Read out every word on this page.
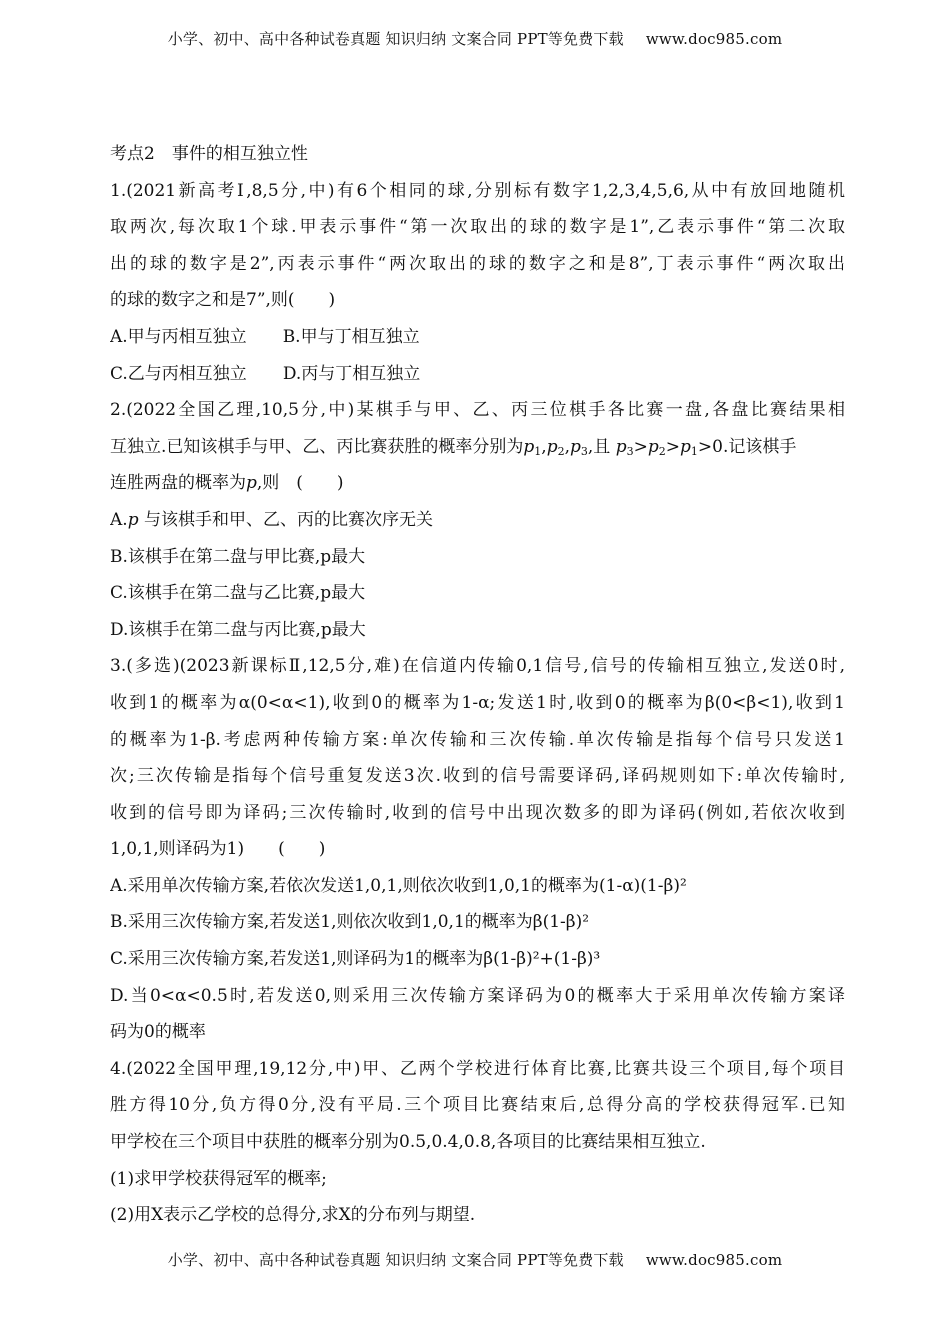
小学、初中、高中各种试卷真题 知识归纳 文案合同 PPT等免费下载 www.doc985.com
考点2　事件的相互独立性
1.(2021新高考Ⅰ,8,5分,中)有6个相同的球,分别标有数字1,2,3,4,5,6,从中有放回地随机
取两次,每次取1个球.甲表示事件“第一次取出的球的数字是1”,乙表示事件“第二次取
出的球的数字是2”,丙表示事件“两次取出的球的数字之和是8”,丁表示事件“两次取出
的球的数字之和是7”,则(　　)
A.甲与丙相互独立 B.甲与丁相互独立
C.乙与丙相互独立 D.丙与丁相互独立
2.(2022全国乙理,10,5分,中)某棋手与甲、乙、丙三位棋手各比赛一盘,各盘比赛结果相
互独立.已知该棋手与甲、乙、丙比赛获胜的概率分别为$p_1,p_2,p_3$,且 $p_3>p_2>p_1>0$.记该棋手
连胜两盘的概率为p,则　(　　)
A.p 与该棋手和甲、乙、丙的比赛次序无关
B.该棋手在第二盘与甲比赛,p最大
C.该棋手在第二盘与乙比赛,p最大
D.该棋手在第二盘与丙比赛,p最大
3.(多选)(2023新课标Ⅱ,12,5分,难)在信道内传输0,1信号,信号的传输相互独立,发送0时,
收到1的概率为α(0<α<1),收到0的概率为1-α;发送1时,收到0的概率为β(0<β<1),收到1
的概率为1-β.考虑两种传输方案:单次传输和三次传输.单次传输是指每个信号只发送1
次;三次传输是指每个信号重复发送3次.收到的信号需要译码,译码规则如下:单次传输时,
收到的信号即为译码;三次传输时,收到的信号中出现次数多的即为译码(例如,若依次收到
1,0,1,则译码为1)　　(　　)
A.采用单次传输方案,若依次发送1,0,1,则依次收到1,0,1的概率为(1-α)(1-β)²
B.采用三次传输方案,若发送1,则依次收到1,0,1的概率为β(1-β)²
C.采用三次传输方案,若发送1,则译码为1的概率为β(1-β)²+(1-β)³
D.当0<α<0.5时,若发送0,则采用三次传输方案译码为0的概率大于采用单次传输方案译
码为0的概率
4.(2022全国甲理,19,12分,中)甲、乙两个学校进行体育比赛,比赛共设三个项目,每个项目
胜方得10分,负方得0分,没有平局.三个项目比赛结束后,总得分高的学校获得冠军.已知
甲学校在三个项目中获胜的概率分别为0.5,0.4,0.8,各项目的比赛结果相互独立.
(1)求甲学校获得冠军的概率;
(2)用X表示乙学校的总得分,求X的分布列与期望.
小学、初中、高中各种试卷真题 知识归纳 文案合同 PPT等免费下载 www.doc985.com
